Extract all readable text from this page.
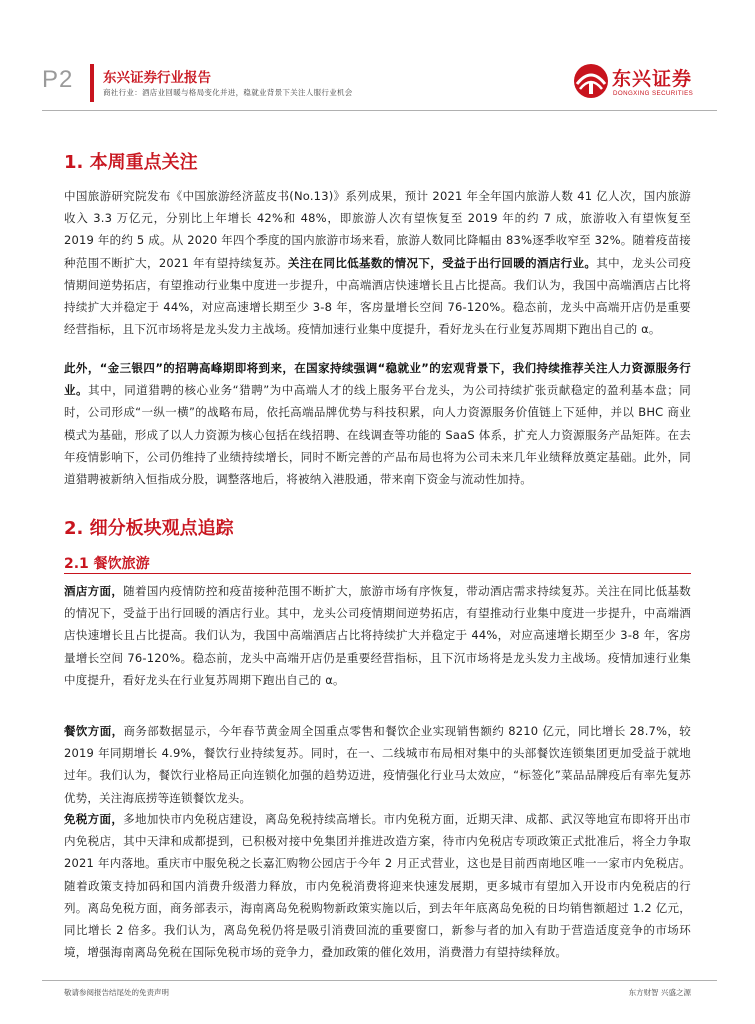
P2 东兴证券行业报告
商社行业：酒店业回暖与格局变化并进，稳就业背景下关注人服行业机会
东兴证券
DONGXING SECURITIES
1. 本周重点关注
中国旅游研究院发布《中国旅游经济蓝皮书(No.13)》系列成果，预计 2021 年全年国内旅游人数 41 亿人次，国内旅游收入 3.3 万亿元，分别比上年增长 42%和 48%，即旅游人次有望恢复至 2019 年的约 7 成，旅游收入有望恢复至 2019 年的约 5 成。从 2020 年四个季度的国内旅游市场来看，旅游人数同比降幅由 83%逐季收窄至 32%。随着疫苗接种范围不断扩大，2021 年有望持续复苏。关注在同比低基数的情况下，受益于出行回暖的酒店行业。其中，龙头公司疫情期间逆势拓店，有望推动行业集中度进一步提升，中高端酒店快速增长且占比提高。我们认为，我国中高端酒店占比将持续扩大并稳定于 44%，对应高速增长期至少 3-8 年，客房量增长空间 76-120%。稳态前，龙头中高端开店仍是重要经营指标，且下沉市场将是龙头发力主战场。疫情加速行业集中度提升，看好龙头在行业复苏周期下跑出自己的 α。
此外，“金三银四”的招聘高峰期即将到来，在国家持续强调“稳就业”的宏观背景下，我们持续推荐关注人力资源服务行业。其中，同道猎聘的核心业务“猎聘”为中高端人才的线上服务平台龙头，为公司持续扩张贡献稳定的盈利基本盘；同时，公司形成“一纵一横”的战略布局，依托高端品牌优势与科技积累，向人力资源服务价值链上下延伸，并以 BHC 商业模式为基础，形成了以人力资源为核心包括在线招聘、在线调查等功能的 SaaS 体系，扩充人力资源服务产品矩阵。在去年疫情影响下，公司仍维持了业绩持续增长，同时不断完善的产品布局也将为公司未来几年业绩释放奠定基础。此外，同道猎聘被新纳入恒指成分股，调整落地后，将被纳入港股通，带来南下资金与流动性加持。
2. 细分板块观点追踪
2.1 餐饮旅游
酒店方面，随着国内疫情防控和疫苗接种范围不断扩大，旅游市场有序恢复，带动酒店需求持续复苏。关注在同比低基数的情况下，受益于出行回暖的酒店行业。其中，龙头公司疫情期间逆势拓店，有望推动行业集中度进一步提升，中高端酒店快速增长且占比提高。我们认为，我国中高端酒店占比将持续扩大并稳定于 44%，对应高速增长期至少 3-8 年，客房量增长空间 76-120%。稳态前，龙头中高端开店仍是重要经营指标，且下沉市场将是龙头发力主战场。疫情加速行业集中度提升，看好龙头在行业复苏周期下跑出自己的 α。
餐饮方面，商务部数据显示，今年春节黄金周全国重点零售和餐饮企业实现销售额约 8210 亿元，同比增长 28.7%，较 2019 年同期增长 4.9%，餐饮行业持续复苏。同时，在一、二线城市布局相对集中的头部餐饮连锁集团更加受益于就地过年。我们认为，餐饮行业格局正向连锁化加强的趋势迈进，疫情强化行业马太效应，“标签化”菜品品牌疫后有率先复苏优势，关注海底捞等连锁餐饮龙头。
免税方面，多地加快市内免税店建设，离岛免税持续高增长。市内免税方面，近期天津、成都、武汉等地宣布即将开出市内免税店，其中天津和成都提到，已积极对接中免集团并推进改造方案，待市内免税店专项政策正式批准后，将全力争取 2021 年内落地。重庆市中服免税之长嘉汇购物公园店于今年 2 月正式营业，这也是目前西南地区唯一一家市内免税店。随着政策支持加码和国内消费升级潜力释放，市内免税消费将迎来快速发展期，更多城市有望加入开设市内免税店的行列。离岛免税方面，商务部表示，海南离岛免税购物新政策实施以后，到去年年底离岛免税的日均销售额超过 1.2 亿元，同比增长 2 倍多。我们认为，离岛免税仍将是吸引消费回流的重要窗口，新参与者的加入有助于营造适度竞争的市场环境，增强海南离岛免税在国际免税市场的竞争力，叠加政策的催化效用，消费潜力有望持续释放。
敬请参阅报告结尾处的免责声明	东方财智 兴盛之源
